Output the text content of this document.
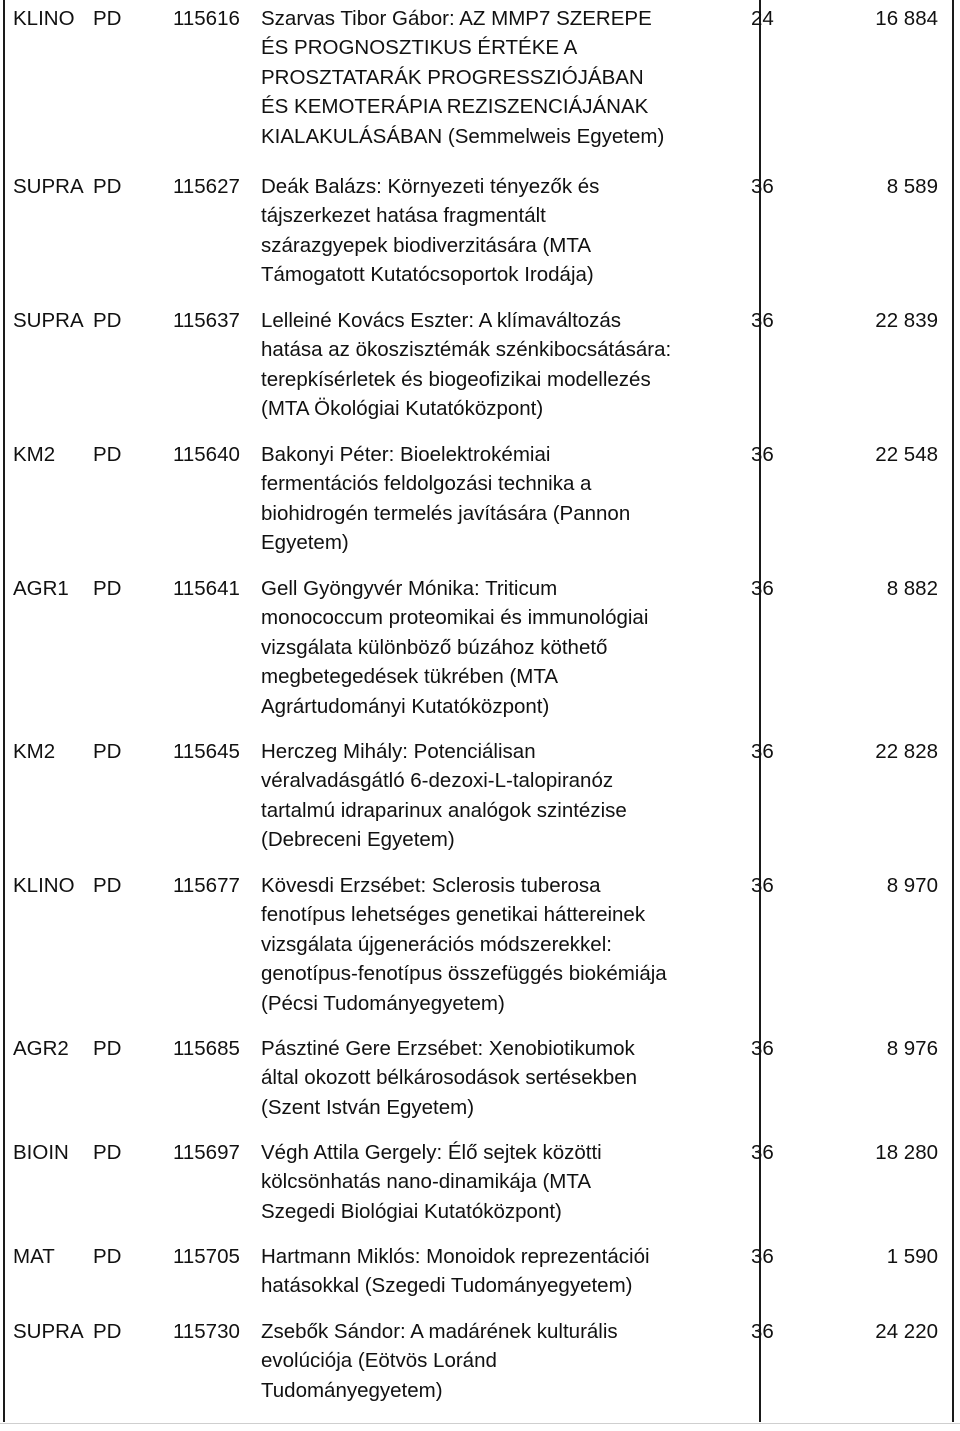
KLINO	PD	115616	Szarvas Tibor Gábor: AZ MMP7 SZEREPE
ÉS PROGNOSZTIKUS ÉRTÉKE A
PROSZTATARÁK PROGRESSZIÓJÁBAN
ÉS KEMOTERÁPIA REZISZENCIÁJÁNAK
KIALAKULÁSÁBAN (Semmelweis Egyetem)	24	16 884
SUPRA	PD	115627	Deák Balázs: Környezeti tényezők és
tájszerkezet hatása fragmentált
szárazgyepek biodiverzitására (MTA
Támogatott Kutatócsoportok Irodája)	36	8 589
SUPRA	PD	115637	Lelleiné Kovács Eszter: A klímaváltozás
hatása az ökoszisztémák szénkibocsátására:
terepkísérletek és biogeofizikai modellezés
(MTA Ökológiai Kutatóközpont)	36	22 839
KM2	PD	115640	Bakonyi Péter: Bioelektrokémiai
fermentációs feldolgozási technika a
biohidrogén termelés javítására (Pannon
Egyetem)	36	22 548
AGR1	PD	115641	Gell Gyöngyvér Mónika: Triticum
monococcum proteomikai és immunológiai
vizsgálata különböző búzához köthető
megbetegedések tükrében (MTA
Agrártudományi Kutatóközpont)	36	8 882
KM2	PD	115645	Herczeg Mihály: Potenciálisan
véralvadásgátló 6-dezoxi-L-talopiranóz
tartalmú idraparinux analógok szintézise
(Debreceni Egyetem)	36	22 828
KLINO	PD	115677	Kövesdi Erzsébet: Sclerosis tuberosa
fenotípus lehetséges genetikai háttereinek
vizsgálata újgenerációs módszerekkel:
genotípus-fenotípus összefüggés biokémiája
(Pécsi Tudományegyetem)	36	8 970
AGR2	PD	115685	Pásztiné Gere Erzsébet: Xenobiotikumok
által okozott bélkárosodások sertésekben
(Szent István Egyetem)	36	8 976
BIOIN	PD	115697	Végh Attila Gergely: Élő sejtek közötti
kölcsönhatás nano-dinamikája (MTA
Szegedi Biológiai Kutatóközpont)	36	18 280
MAT	PD	115705	Hartmann Miklós: Monoidok reprezentációi
hatásokkal (Szegedi Tudományegyetem)	36	1 590
SUPRA	PD	115730	Zsebők Sándor: A madárének kulturális
evolúciója (Eötvös Loránd
Tudományegyetem)	36	24 220
